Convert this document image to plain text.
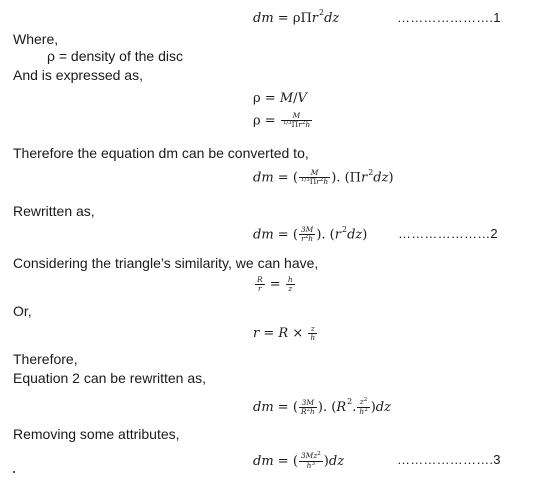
dm = ρΠr$^2$dz	………………….1
Where,
ρ = density of the disc
And is expressed as,
ρ = M/V
$\rho = \frac{M}{^{1/3}\Pi r^2h}$
Therefore the equation dm can be converted to,
dm = ( $\frac{M}{^{1/3}\Pi r^2h}$ ). $(\Pi r^2dz)$
Rewritten as,
dm = ( $\frac{3M}{r^2h}$ ). $(r^2dz)$ …………………2
Considering the triangle’s similarity, we can have,
$\frac{R}{r} = \frac{h}{z}$
Or,
$r = R \times \frac{z}{h}$
Therefore,
Equation 2 can be rewritten as,
dm = ( $\frac{3M}{R^2h}$ ). ($R^2$. $\frac{z^2}{h^2} )dz$
Removing some attributes,
dm = ( $\frac{3Mz^2}{h^3} )dz$	………………….3
